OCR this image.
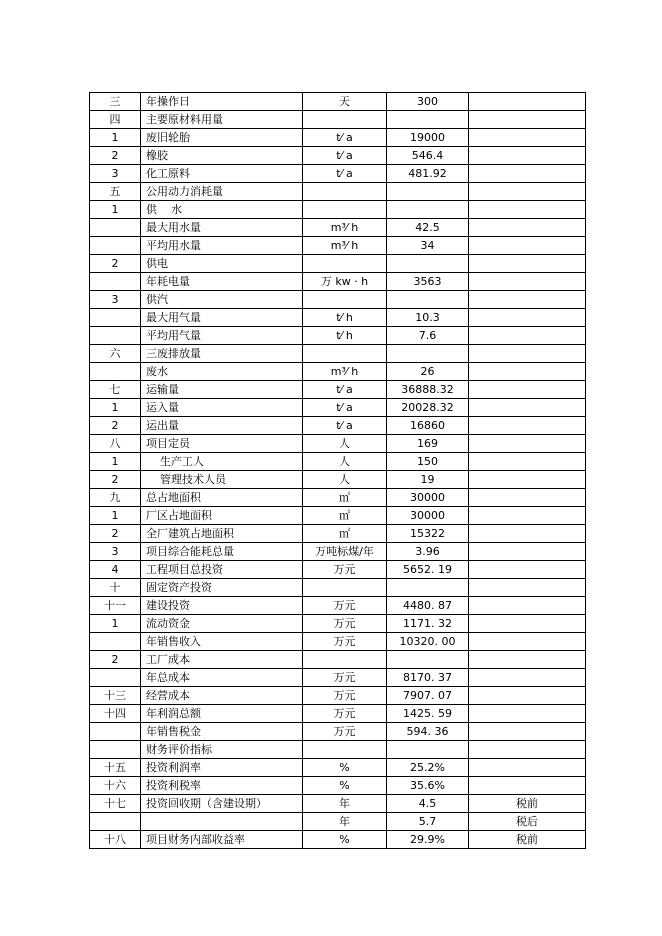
三	年操作日	天	300	
四	主要原材料用量			
1	废旧轮胎	t⁄ a	19000	
2	橡胶	t⁄ a	546.4	
3	化工原料	t⁄ a	481.92	
五	公用动力消耗量			
1	供    水			
	最大用水量	m³⁄ h	42.5	
	平均用水量	m³⁄ h	34	
2	供电			
	年耗电量	万 kw · h	3563	
3	供汽			
	最大用气量	t⁄ h	10.3	
	平均用气量	t⁄ h	7.6	
六	三废排放量			
	废水	m³⁄ h	26	
七	运输量	t⁄ a	36888.32	
1	运入量	t⁄ a	20028.32	
2	运出量	t⁄ a	16860	
八	项目定员	人	169	
1	生产工人	人	150	
2	管理技术人员	人	19	
九	总占地面积	㎡	30000	
1	厂区占地面积	㎡	30000	
2	全厂建筑占地面积	㎡	15322	
3	项目综合能耗总量	万吨标煤/年	3.96	
4	工程项目总投资	万元	5652. 19	
十	固定资产投资			
十一	建设投资	万元	4480. 87	
1	流动资金	万元	1171. 32	
	年销售收入	万元	10320. 00	
2	工厂成本			
	年总成本	万元	8170. 37	
十三	经营成本	万元	7907. 07	
十四	年利润总额	万元	1425. 59	
	年销售税金	万元	594. 36	
	财务评价指标			
十五	投资利润率	%	25.2%	
十六	投资利税率	%	35.6%	
十七	投资回收期（含建设期）	年	4.5	税前
		年	5.7	税后
十八	项目财务内部收益率	%	29.9%	税前
